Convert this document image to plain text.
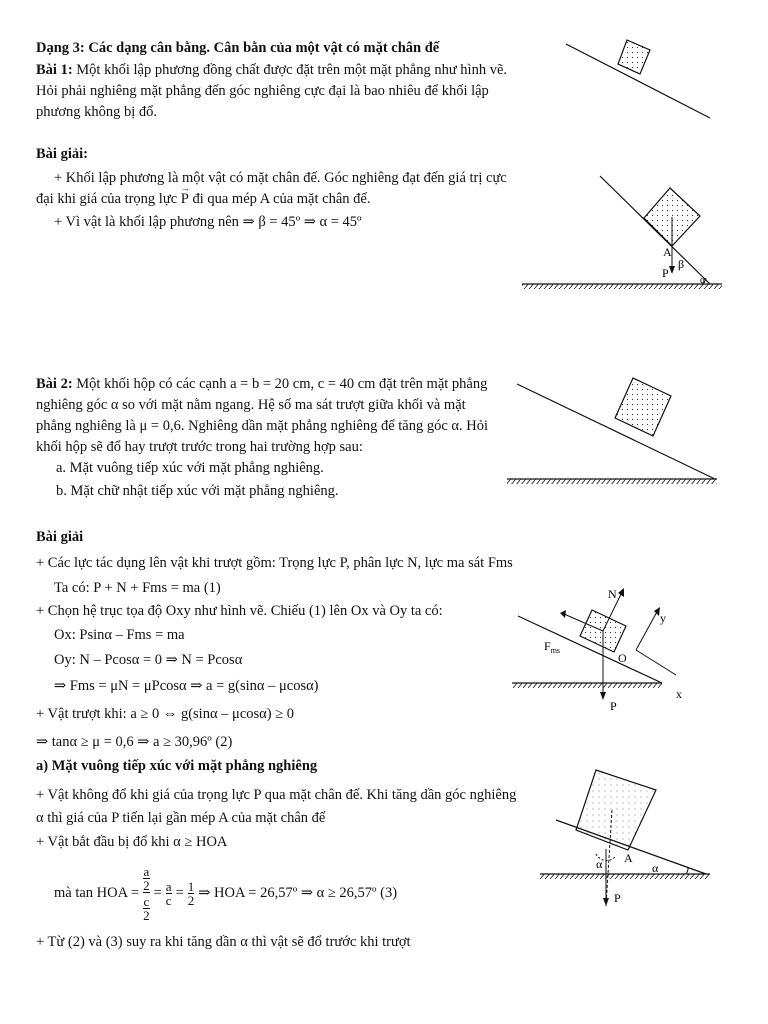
Dạng 3: Các dạng cân bằng. Cân bằn của một vật có mặt chân đế
Bài 1: Một khối lập phương đồng chất được đặt trên một mặt phẳng như hình vẽ. Hỏi phải nghiêng mặt phẳng đến góc nghiêng cực đại là bao nhiêu để khối lập phương không bị đổ.
Bài giải:
+ Khối lập phương là một vật có mặt chân đế. Góc nghiêng đạt đến giá trị cực đại khi giá của trọng lực → P đi qua mép A của mặt chân đế.
+ Vì vật là khối lập phương nên ⇒ β = 45º ⇒ α = 45º
Bài 2: Một khối hộp có các cạnh a = b = 20 cm, c = 40 cm đặt trên mặt phẳng nghiêng góc α so với mặt nằm ngang. Hệ số ma sát trượt giữa khối và mặt phẳng nghiêng là μ = 0,6. Nghiêng dần mặt phẳng nghiêng để tăng góc α. Hỏi khối hộp sẽ đổ hay trượt trước trong hai trường hợp sau:
a. Mặt vuông tiếp xúc với mặt phẳng nghiêng.
b. Mặt chữ nhật tiếp xúc với mặt phẳng nghiêng.
Bài giải
+ Các lực tác dụng lên vật khi trượt gồm: Trọng lực P, phân lực N, lực ma sát Fms
Ta có: P + N + Fms = ma (1)
+ Chọn hệ trục tọa độ Oxy như hình vẽ. Chiếu (1) lên Ox và Oy ta có:
Ox: Psinα – Fms = ma
Oy: N – Pcosα = 0 ⇒ N = Pcosα
⇒ Fms = μN = μPcosα ⇒ a = g(sinα – μcosα)
+ Vật trượt khi: a ≥ 0 ⇔ g(sinα – μcosα) ≥ 0
⇒ tanα ≥ μ = 0,6 ⇒ a ≥ 30,96º (2)
a) Mặt vuông tiếp xúc với mặt phẳng nghiêng
+ Vật không đổ khi giá của trọng lực P qua mặt chân đế. Khi tăng dần góc nghiêng α thì giá của P tiến lại gần mép A của mặt chân đế
+ Vật bắt đầu bị đổ khi α ≥ HOA
mà tan HOA = a
2
c
$2 = \frac{a}{c} = \frac{1}{2}$ ⇒ HOA = 26,57º ⇒ α ≥ 26,57º (3)
+ Từ (2) và (3) suy ra khi tăng dần α thì vật sẽ đổ trước khi trượt
A
P
β
α
N
y
x
O
$F_{ms}$
P
α A
α
P
